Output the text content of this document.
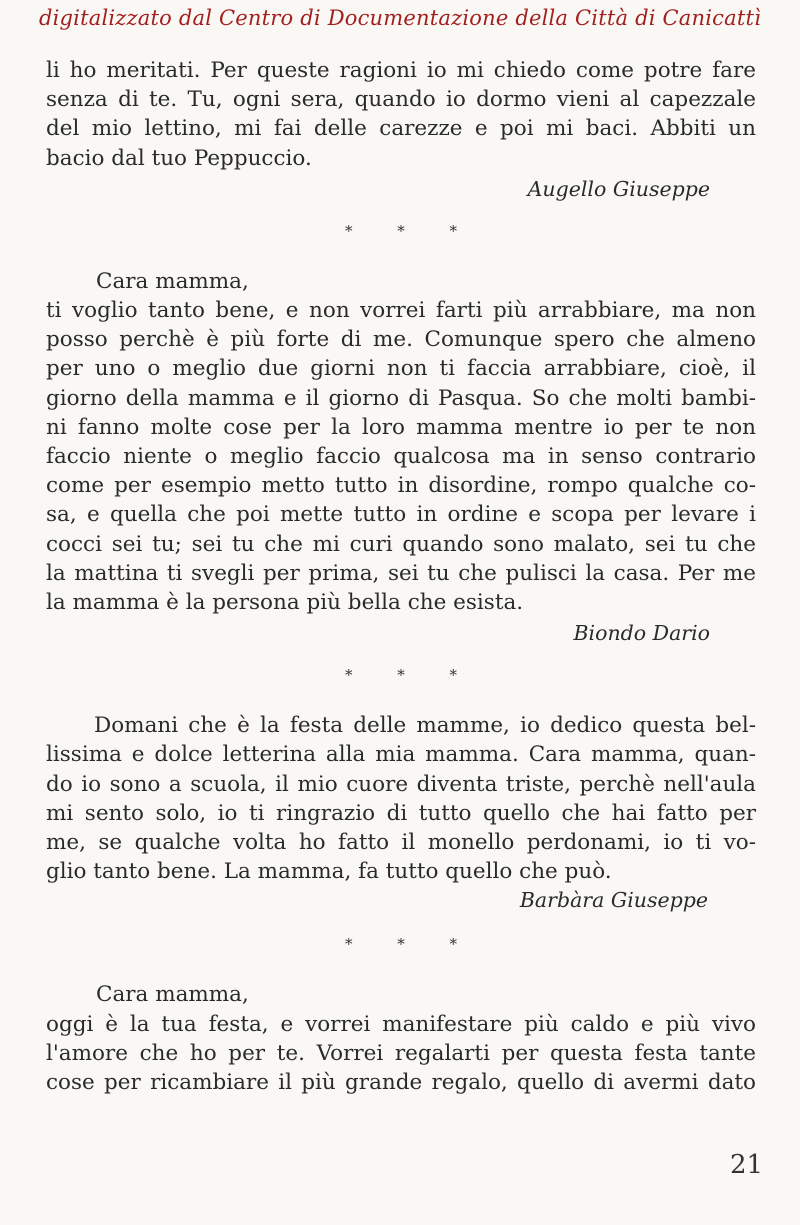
digitalizzato dal Centro di Documentazione della Città di Canicattì

li ho meritati. Per queste ragioni io mi chiedo come potre fare
senza di te. Tu, ogni sera, quando io dormo vieni al capezzale
del mio lettino, mi fai delle carezze e poi mi baci. Abbiti un
bacio dal tuo Peppuccio.

Augello Giuseppe

* * *

Cara mamma,
ti voglio tanto bene, e non vorrei farti più arrabbiare, ma non
posso perchè è più forte di me. Comunque spero che almeno
per uno o meglio due giorni non ti faccia arrabbiare, cioè, il
giorno della mamma e il giorno di Pasqua. So che molti bambi-
ni fanno molte cose per la loro mamma mentre io per te non
faccio niente o meglio faccio qualcosa ma in senso contrario
come per esempio metto tutto in disordine, rompo qualche co-
sa, e quella che poi mette tutto in ordine e scopa per levare i
cocci sei tu; sei tu che mi curi quando sono malato, sei tu che
la mattina ti svegli per prima, sei tu che pulisci la casa. Per me
la mamma è la persona più bella che esista.

Biondo Dario

* * *

Domani che è la festa delle mamme, io dedico questa bel-
lissima e dolce letterina alla mia mamma. Cara mamma, quan-
do io sono a scuola, il mio cuore diventa triste, perchè nell'aula
mi sento solo, io ti ringrazio di tutto quello che hai fatto per
me, se qualche volta ho fatto il monello perdonami, io ti vo-
glio tanto bene. La mamma, fa tutto quello che può.

Barbàra Giuseppe

* * *

Cara mamma,
oggi è la tua festa, e vorrei manifestare più caldo e più vivo
l'amore che ho per te. Vorrei regalarti per questa festa tante
cose per ricambiare il più grande regalo, quello di avermi dato

21
